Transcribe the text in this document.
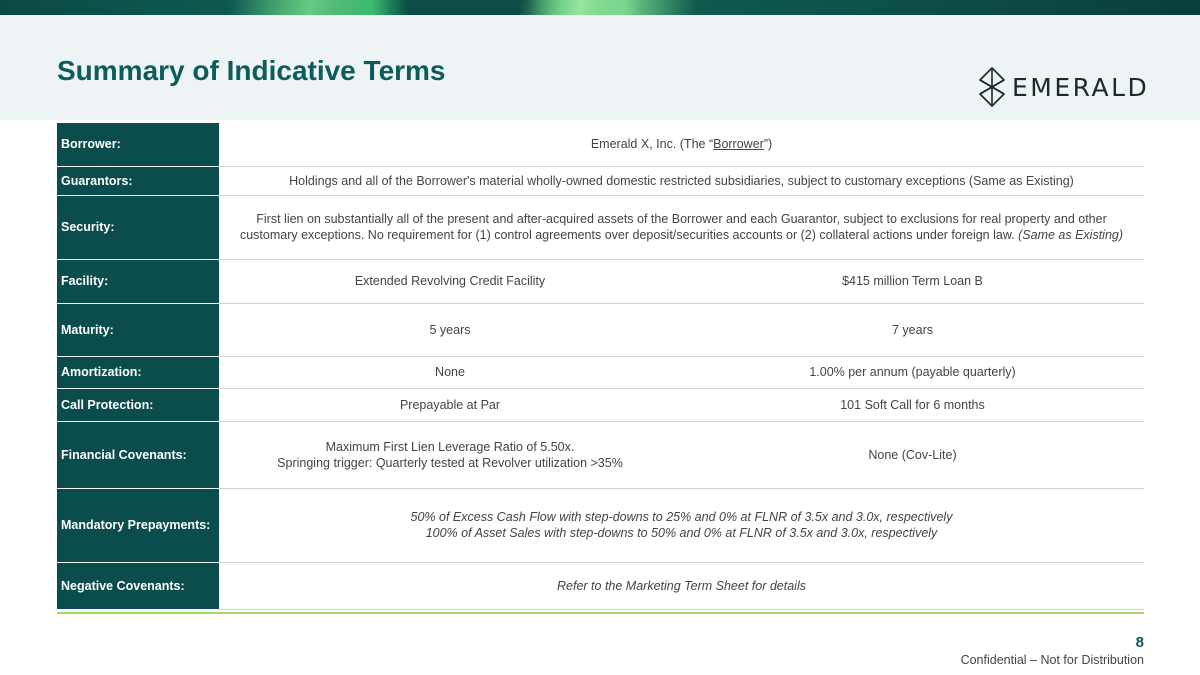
Summary of Indicative Terms
EMERALD
Borrower:	Emerald X, Inc. (The “Borrower”)	
Guarantors:	Holdings and all of the Borrower's material wholly-owned domestic restricted subsidiaries, subject to customary exceptions (Same as Existing)	
Security:	First lien on substantially all of the present and after-acquired assets of the Borrower and each Guarantor, subject to exclusions for real property and other customary exceptions. No requirement for (1) control agreements over deposit/securities accounts or (2) collateral actions under foreign law. (Same as Existing)	
Facility:	Extended Revolving Credit Facility	$415 million Term Loan B
Maturity:	5 years	7 years
Amortization:	None	1.00% per annum (payable quarterly)
Call Protection:	Prepayable at Par	101 Soft Call for 6 months
Financial Covenants:	Maximum First Lien Leverage Ratio of 5.50x.
Springing trigger: Quarterly tested at Revolver utilization >35%	None (Cov-Lite)
Mandatory Prepayments:	50% of Excess Cash Flow with step-downs to 25% and 0% at FLNR of 3.5x and 3.0x, respectively
100% of Asset Sales with step-downs to 50% and 0% at FLNR of 3.5x and 3.0x, respectively	

Negative Covenants:	Refer to the Marketing Term Sheet for details	
8
Confidential – Not for Distribution
